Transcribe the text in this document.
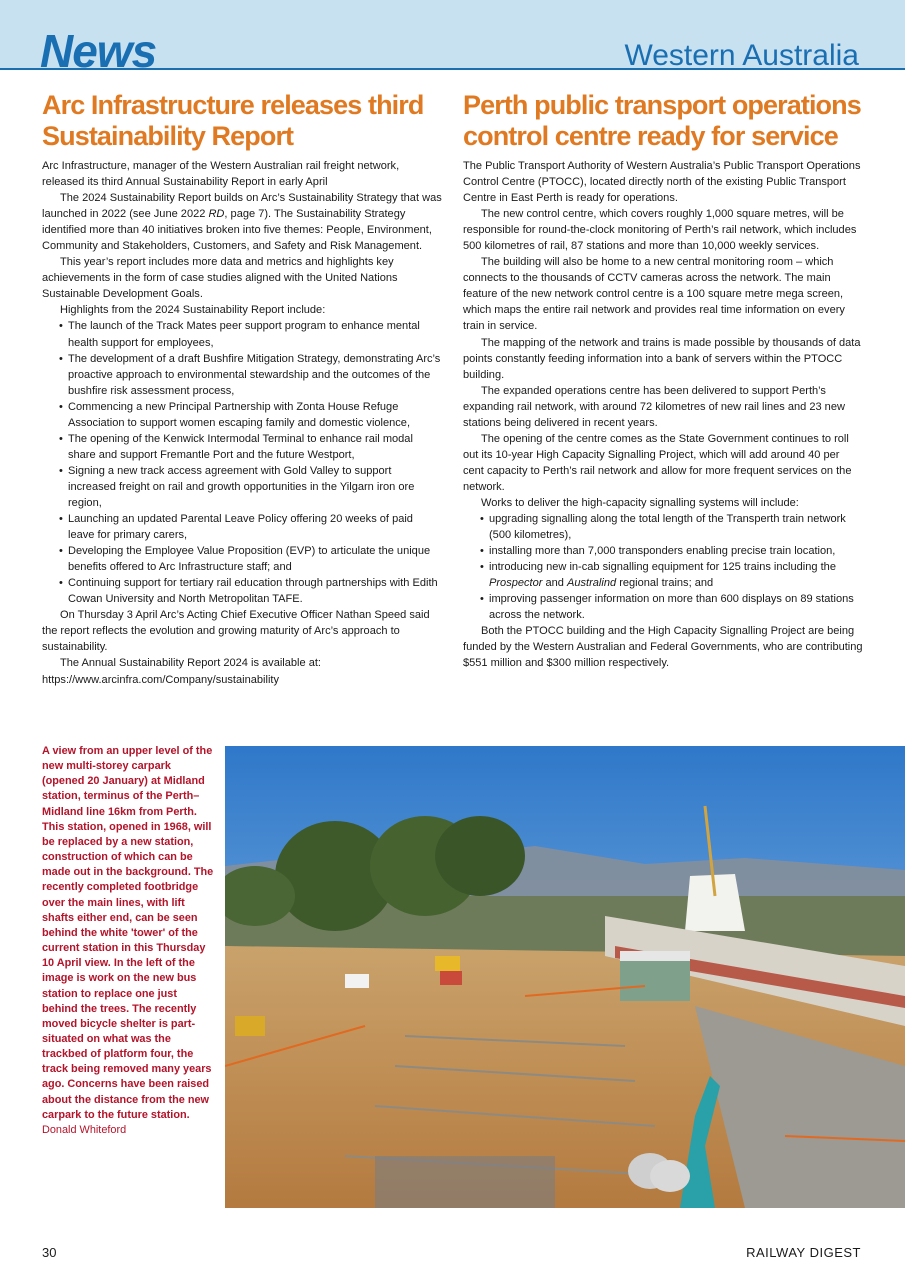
News	Western Australia
Arc Infrastructure releases third
Sustainability Report

Arc Infrastructure, manager of the Western Australian rail freight network, released its third Annual Sustainability Report in early April

The 2024 Sustainability Report builds on Arc’s Sustainability Strategy that was launched in 2022 (see June 2022 RD, page 7). The Sustainability Strategy identified more than 40 initiatives broken into five themes: People, Environment, Community and Stakeholders, Customers, and Safety and Risk Management.

This year’s report includes more data and metrics and highlights key achievements in the form of case studies aligned with the United Nations Sustainable Development Goals.

Highlights from the 2024 Sustainability Report include:

• The launch of the Track Mates peer support program to enhance mental health support for employees,
• The development of a draft Bushfire Mitigation Strategy, demonstrating Arc’s proactive approach to environmental stewardship and the outcomes of the bushfire risk assessment process,
• Commencing a new Principal Partnership with Zonta House Refuge Association to support women escaping family and domestic violence,
• The opening of the Kenwick Intermodal Terminal to enhance rail modal share and support Fremantle Port and the future Westport,
• Signing a new track access agreement with Gold Valley to support increased freight on rail and growth opportunities in the Yilgarn iron ore region,
• Launching an updated Parental Leave Policy offering 20 weeks of paid leave for primary carers,
• Developing the Employee Value Proposition (EVP) to articulate the unique benefits offered to Arc Infrastructure staff; and
• Continuing support for tertiary rail education through partnerships with Edith Cowan University and North Metropolitan TAFE.

On Thursday 3 April Arc’s Acting Chief Executive Officer Nathan Speed said the report reflects the evolution and growing maturity of Arc’s approach to sustainability.

The Annual Sustainability Report 2024 is available at: https://www.arcinfra.com/Company/sustainability

Perth public transport operations
control centre ready for service

The Public Transport Authority of Western Australia’s Public Transport Operations Control Centre (PTOCC), located directly north of the existing Public Transport Centre in East Perth is ready for operations.

The new control centre, which covers roughly 1,000 square metres, will be responsible for round-the-clock monitoring of Perth’s rail network, which includes 500 kilometres of rail, 87 stations and more than 10,000 weekly services.

The building will also be home to a new central monitoring room – which connects to the thousands of CCTV cameras across the network. The main feature of the new network control centre is a 100 square metre mega screen, which maps the entire rail network and provides real time information on every train in service.

The mapping of the network and trains is made possible by thousands of data points constantly feeding information into a bank of servers within the PTOCC building.

The expanded operations centre has been delivered to support Perth’s expanding rail network, with around 72 kilometres of new rail lines and 23 new stations being delivered in recent years.

The opening of the centre comes as the State Government continues to roll out its 10-year High Capacity Signalling Project, which will add around 40 per cent capacity to Perth’s rail network and allow for more frequent services on the network.

Works to deliver the high-capacity signalling systems will include:

• upgrading signalling along the total length of the Transperth train network (500 kilometres),
• installing more than 7,000 transponders enabling precise train location,
• introducing new in-cab signalling equipment for 125 trains including the Prospector and Australind regional trains; and
• improving passenger information on more than 600 displays on 89 stations across the network.

Both the PTOCC building and the High Capacity Signalling Project are being funded by the Western Australian and Federal Governments, who are contributing $551 million and $300 million respectively.

A view from an upper level of the new multi-storey carpark (opened 20 January) at Midland station, terminus of the Perth–Midland line 16km from Perth. This station, opened in 1968, will be replaced by a new station, construction of which can be made out in the background. The recently completed footbridge over the main lines, with lift shafts either end, can be seen behind the white 'tower' of the current station in this Thursday 10 April view. In the left of the image is work on the new bus station to replace one just behind the trees. The recently moved bicycle shelter is part-situated on what was the trackbed of platform four, the track being removed many years ago. Concerns have been raised about the distance from the new carpark to the future station. Donald Whiteford
30	RAILWAY DIGEST
